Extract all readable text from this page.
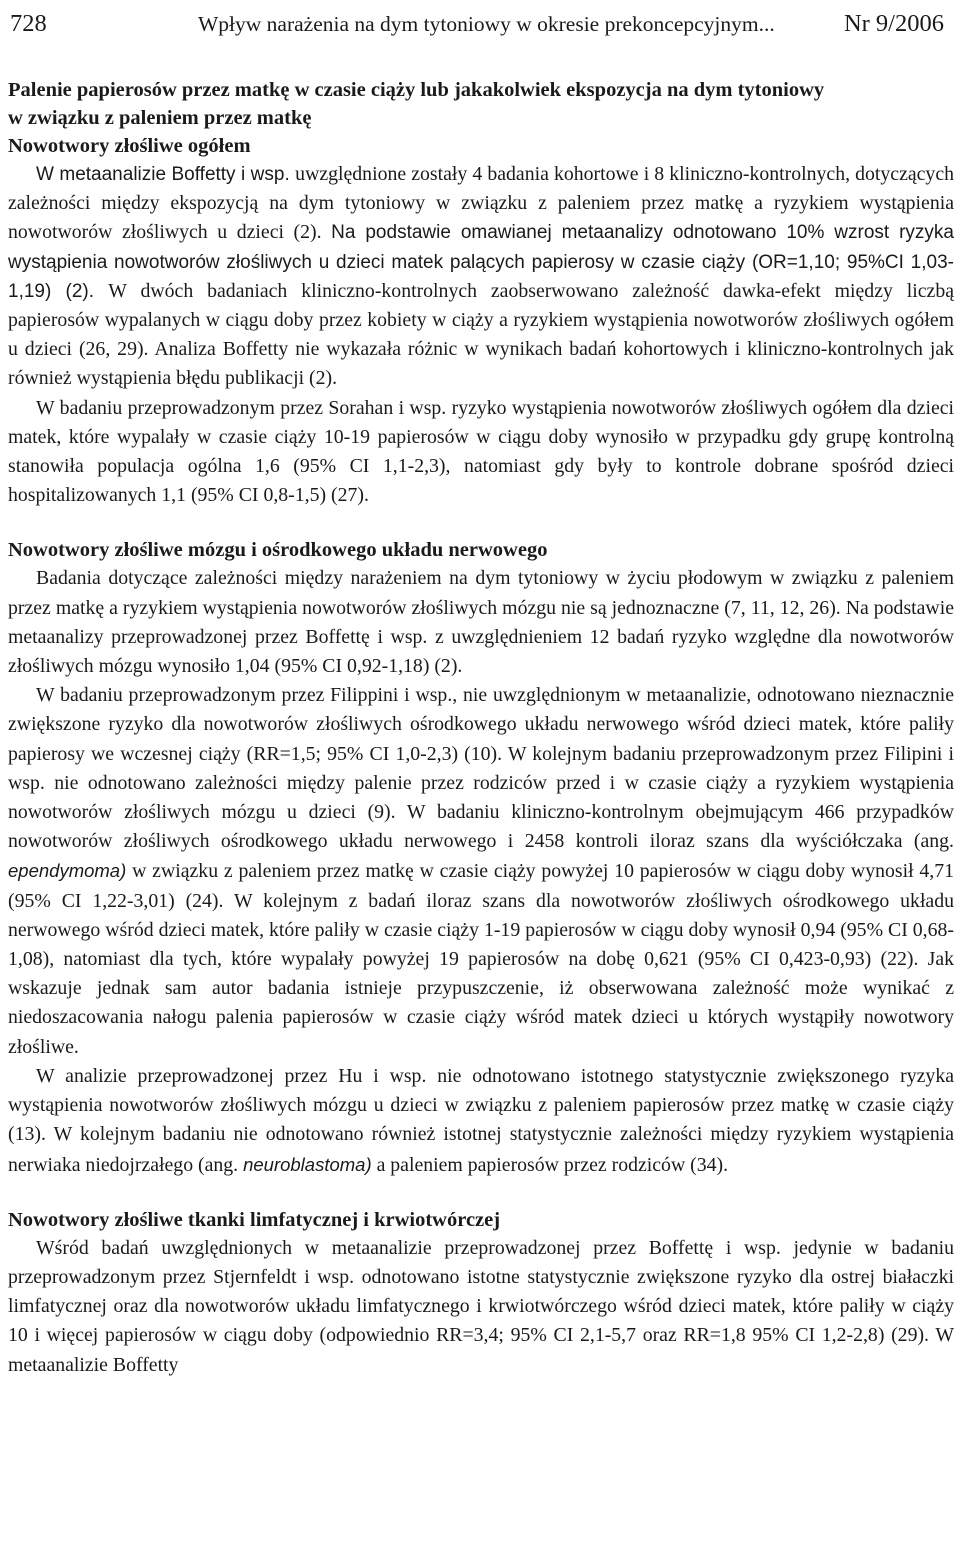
728	Wpływ narażenia na dym tytoniowy w okresie prekoncepcyjnym...	Nr 9/2006
Palenie papierosów przez matkę w czasie ciąży lub jakakolwiek ekspozycja na dym tytoniowy
w związku z paleniem przez matkę
Nowotwory złośliwe ogółem

W metaanalizie Boffetty i wsp. uwzględnione zostały 4 badania kohortowe i 8 kliniczno-kontrolnych, dotyczących zależności między ekspozycją na dym tytoniowy w związku z paleniem przez matkę a ryzykiem wystąpienia nowotworów złośliwych u dzieci (2). Na podstawie omawianej metaanalizy odnotowano 10% wzrost ryzyka wystąpienia nowotworów złośliwych u dzieci matek palących papierosy w czasie ciąży (OR=1,10; 95%CI 1,03-1,19) (2). W dwóch badaniach kliniczno-kontrolnych zaobserwowano zależność dawka-efekt między liczbą papierosów wypalanych w ciągu doby przez kobiety w ciąży a ryzykiem wystąpienia nowotworów złośliwych ogółem u dzieci (26, 29). Analiza Boffetty nie wykazała różnic w wynikach badań kohortowych i kliniczno-kontrolnych jak również wystąpienia błędu publikacji (2).

W badaniu przeprowadzonym przez Sorahan i wsp. ryzyko wystąpienia nowotworów złośliwych ogółem dla dzieci matek, które wypalały w czasie ciąży 10-19 papierosów w ciągu doby wynosiło w przypadku gdy grupę kontrolną stanowiła populacja ogólna 1,6 (95% CI 1,1-2,3), natomiast gdy były to kontrole dobrane spośród dzieci hospitalizowanych 1,1 (95% CI 0,8-1,5) (27).

Nowotwory złośliwe mózgu i ośrodkowego układu nerwowego

Badania dotyczące zależności między narażeniem na dym tytoniowy w życiu płodowym w związku z paleniem przez matkę a ryzykiem wystąpienia nowotworów złośliwych mózgu nie są jednoznaczne (7, 11, 12, 26). Na podstawie metaanalizy przeprowadzonej przez Boffettę i wsp. z uwzględnieniem 12 badań ryzyko względne dla nowotworów złośliwych mózgu wynosiło 1,04 (95% CI 0,92-1,18) (2).

W badaniu przeprowadzonym przez Filippini i wsp., nie uwzględnionym w metaanalizie, odnotowano nieznacznie zwiększone ryzyko dla nowotworów złośliwych ośrodkowego układu nerwowego wśród dzieci matek, które paliły papierosy we wczesnej ciąży (RR=1,5; 95% CI 1,0-2,3) (10). W kolejnym badaniu przeprowadzonym przez Filipini i wsp. nie odnotowano zależności między palenie przez rodziców przed i w czasie ciąży a ryzykiem wystąpienia nowotworów złośliwych mózgu u dzieci (9). W badaniu kliniczno-kontrolnym obejmującym 466 przypadków nowotworów złośliwych ośrodkowego układu nerwowego i 2458 kontroli iloraz szans dla wyściółczaka (ang. ependymoma) w związku z paleniem przez matkę w czasie ciąży powyżej 10 papierosów w ciągu doby wynosił 4,71 (95% CI 1,22-3,01) (24). W kolejnym z badań iloraz szans dla nowotworów złośliwych ośrodkowego układu nerwowego wśród dzieci matek, które paliły w czasie ciąży 1-19 papierosów w ciągu doby wynosił 0,94 (95% CI 0,68-1,08), natomiast dla tych, które wypalały powyżej 19 papierosów na dobę 0,621 (95% CI 0,423-0,93) (22). Jak wskazuje jednak sam autor badania istnieje przypuszczenie, iż obserwowana zależność może wynikać z niedoszacowania nałogu palenia papierosów w czasie ciąży wśród matek dzieci u których wystąpiły nowotwory złośliwe.

W analizie przeprowadzonej przez Hu i wsp. nie odnotowano istotnego statystycznie zwiększonego ryzyka wystąpienia nowotworów złośliwych mózgu u dzieci w związku z paleniem papierosów przez matkę w czasie ciąży (13). W kolejnym badaniu nie odnotowano również istotnej statystycznie zależności między ryzykiem wystąpienia nerwiaka niedojrzałego (ang. neuroblastoma) a paleniem papierosów przez rodziców (34).

Nowotwory złośliwe tkanki limfatycznej i krwiotwórczej

Wśród badań uwzględnionych w metaanalizie przeprowadzonej przez Boffettę i wsp. jedynie w badaniu przeprowadzonym przez Stjernfeldt i wsp. odnotowano istotne statystycznie zwiększone ryzyko dla ostrej białaczki limfatycznej oraz dla nowotworów układu limfatycznego i krwiotwórczego wśród dzieci matek, które paliły w ciąży 10 i więcej papierosów w ciągu doby (odpowiednio RR=3,4; 95% CI 2,1-5,7 oraz RR=1,8 95% CI 1,2-2,8) (29). W metaanalizie Boffetty
